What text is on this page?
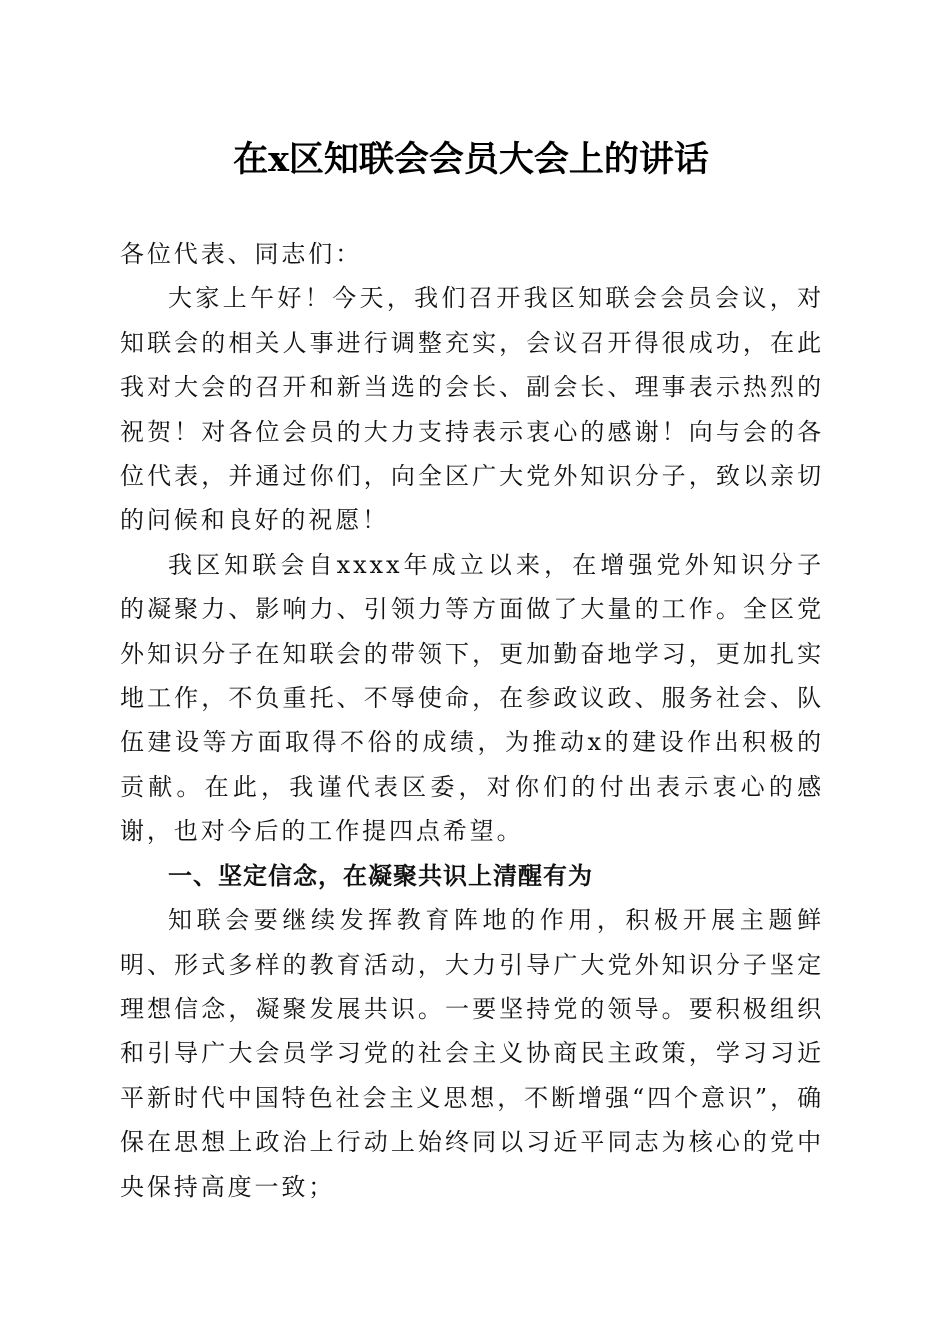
在x区知联会会员大会上的讲话

各位代表、同志们：

大家上午好！今天，我们召开我区知联会会员会议，对知联会的相关人事进行调整充实，会议召开得很成功，在此我对大会的召开和新当选的会长、副会长、理事表示热烈的祝贺！对各位会员的大力支持表示衷心的感谢！向与会的各位代表，并通过你们，向全区广大党外知识分子，致以亲切的问候和良好的祝愿！

我区知联会自xxxx年成立以来，在增强党外知识分子的凝聚力、影响力、引领力等方面做了大量的工作。全区党外知识分子在知联会的带领下，更加勤奋地学习，更加扎实地工作，不负重托、不辱使命，在参政议政、服务社会、队伍建设等方面取得不俗的成绩，为推动x的建设作出积极的贡献。在此，我谨代表区委，对你们的付出表示衷心的感谢，也对今后的工作提四点希望。

一、坚定信念，在凝聚共识上清醒有为

知联会要继续发挥教育阵地的作用，积极开展主题鲜明、形式多样的教育活动，大力引导广大党外知识分子坚定理想信念，凝聚发展共识。一要坚持党的领导。要积极组织和引导广大会员学习党的社会主义协商民主政策，学习习近平新时代中国特色社会主义思想，不断增强“四个意识”，确保在思想上政治上行动上始终同以习近平同志为核心的党中央保持高度一致；
